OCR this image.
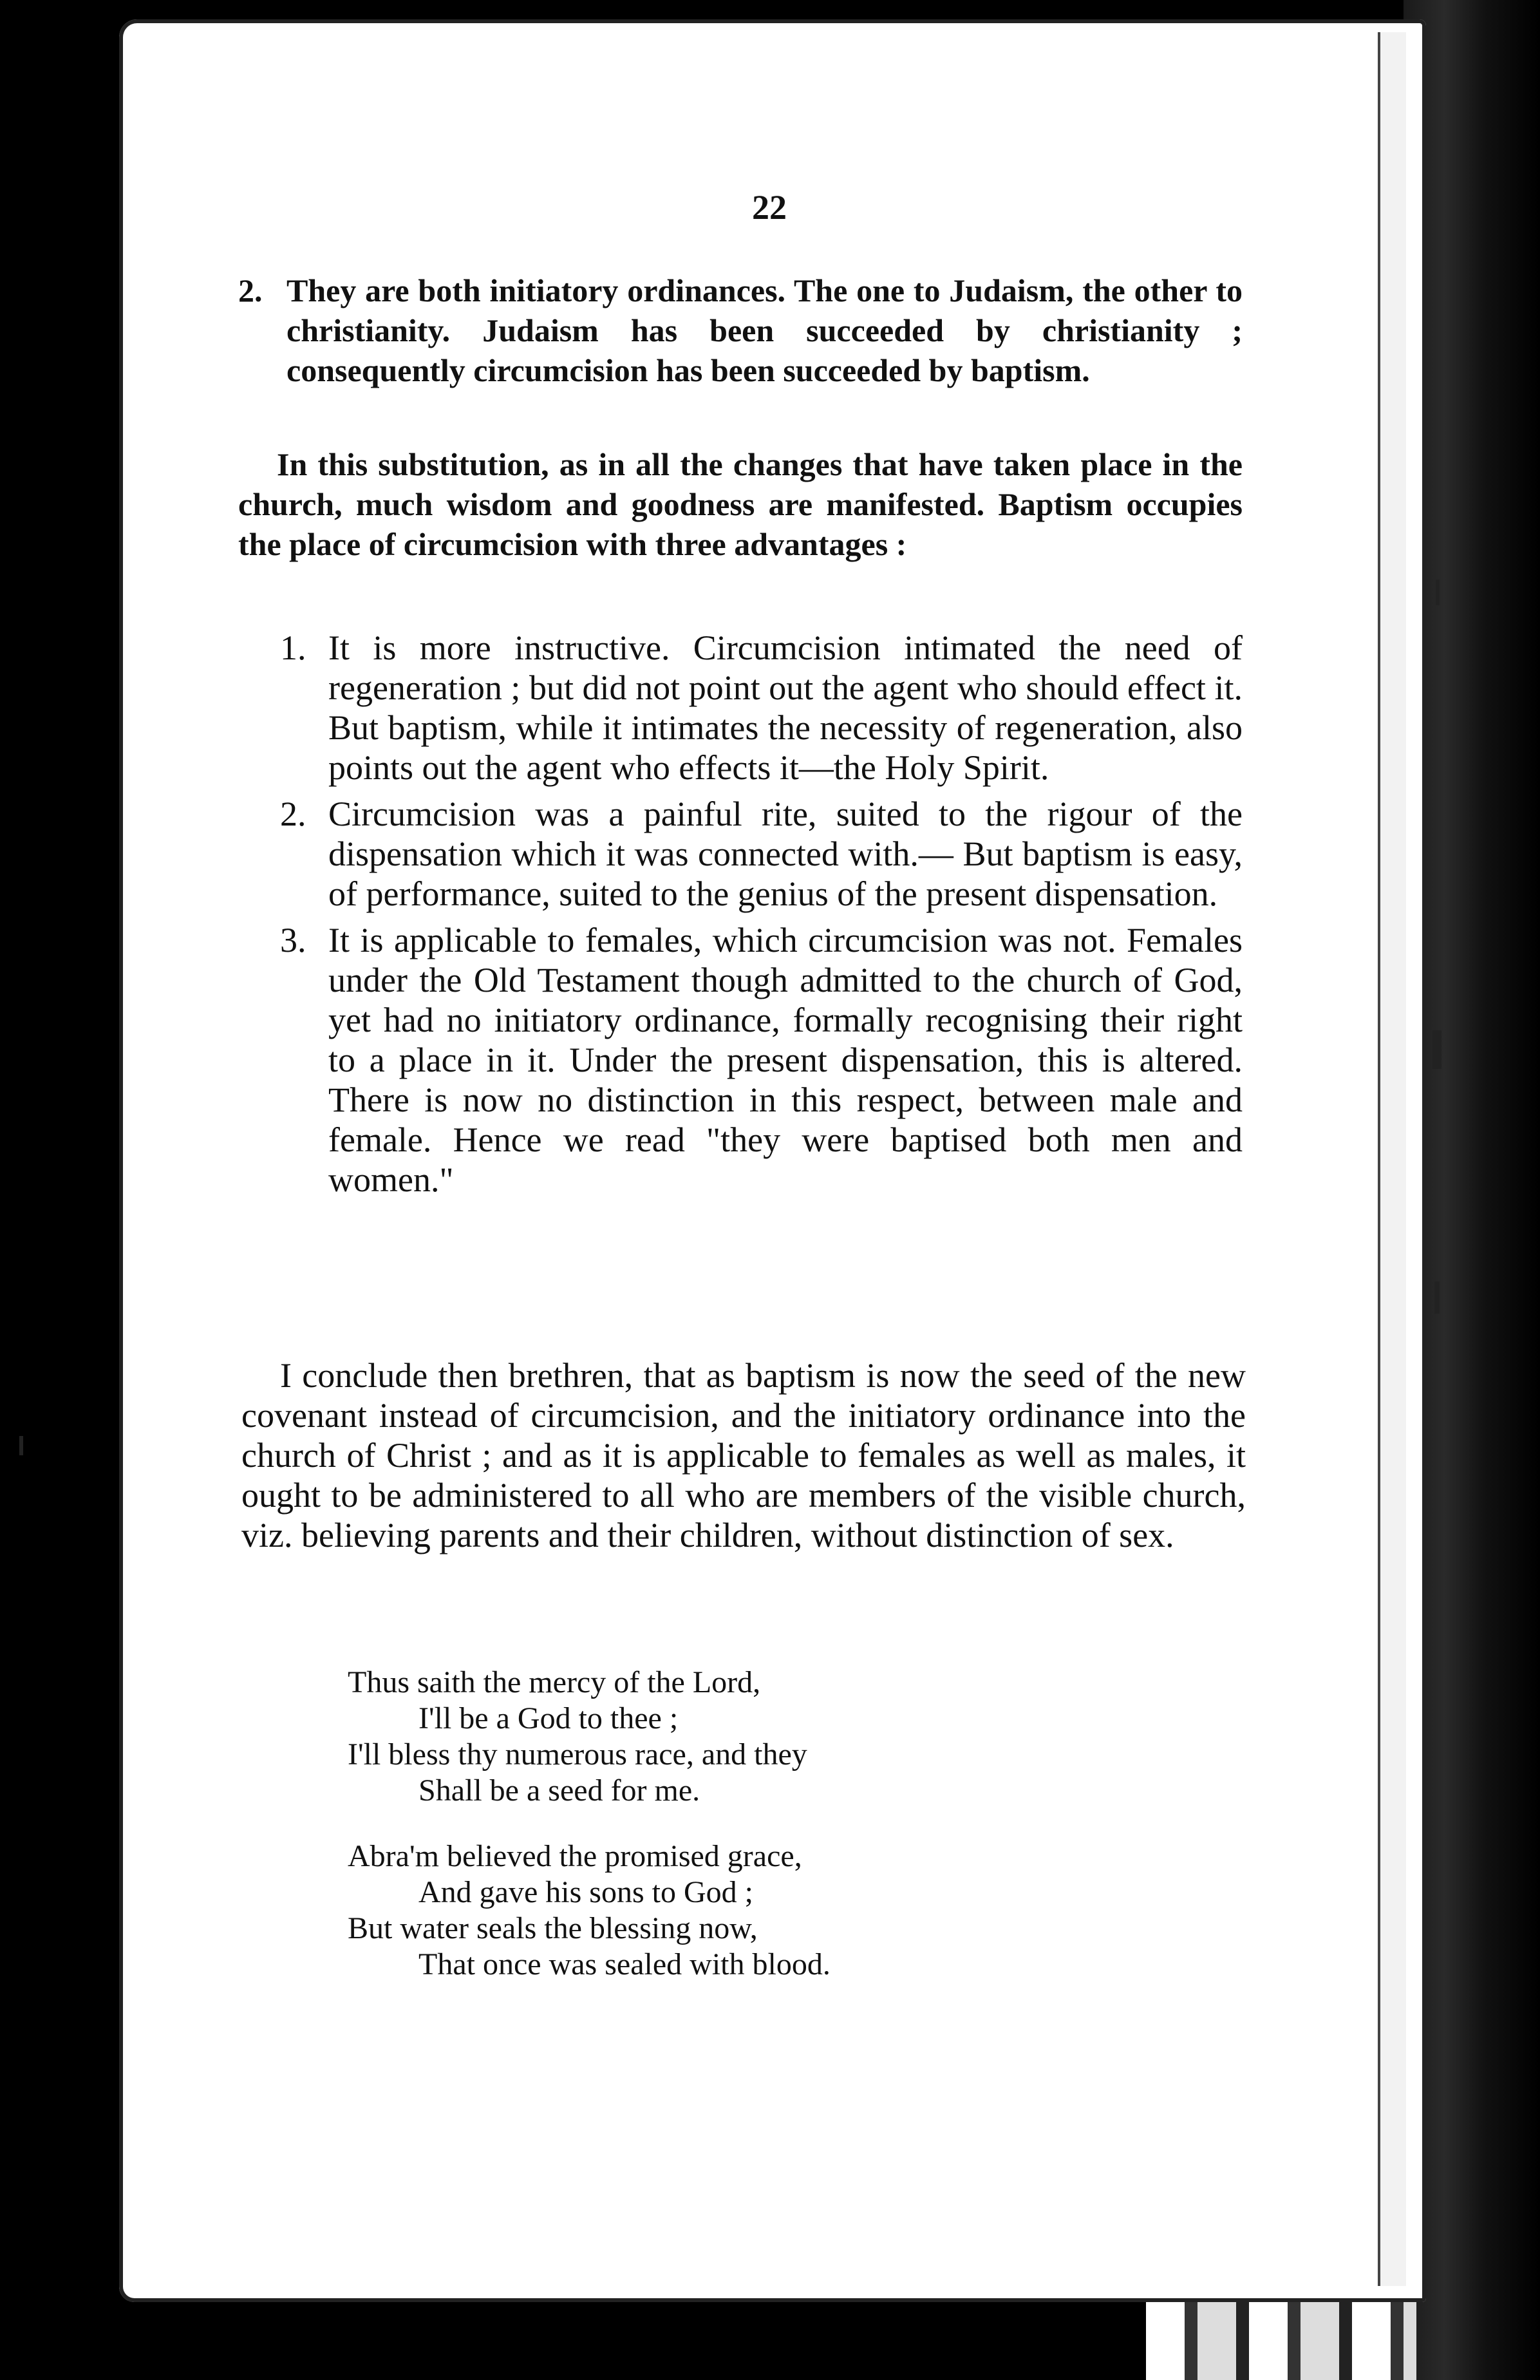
22
2. They are both initiatory ordinances. The one to Judaism, the other to christianity. Judaism has been succeeded by christianity ; consequently circumcision has been succeeded by baptism.

In this substitution, as in all the changes that have taken place in the church, much wisdom and goodness are manifested. Baptism occupies the place of circumcision with three advantages :

1. It is more instructive. Circumcision intimated the need of regeneration ; but did not point out the agent who should effect it. But baptism, while it intimates the necessity of regeneration, also points out the agent who effects it—the Holy Spirit.
2. Circumcision was a painful rite, suited to the rigour of the dispensation which it was connected with.— But baptism is easy, of performance, suited to the genius of the present dispensation.
3. It is applicable to females, which circumcision was not. Females under the Old Testament though admitted to the church of God, yet had no initiatory ordinance, formally recognising their right to a place in it. Under the present dispensation, this is altered. There is now no distinction in this respect, between male and female. Hence we read "they were baptised both men and women."

I conclude then brethren, that as baptism is now the seed of the new covenant instead of circumcision, and the initiatory ordinance into the church of Christ ; and as it is applicable to females as well as males, it ought to be administered to all who are members of the visible church, viz. believing parents and their children, without distinction of sex.

Thus saith the mercy of the Lord,
I'll be a God to thee ;
I'll bless thy numerous race, and they
Shall be a seed for me.
Abra'm believed the promised grace,
And gave his sons to God ;
But water seals the blessing now,
That once was sealed with blood.
